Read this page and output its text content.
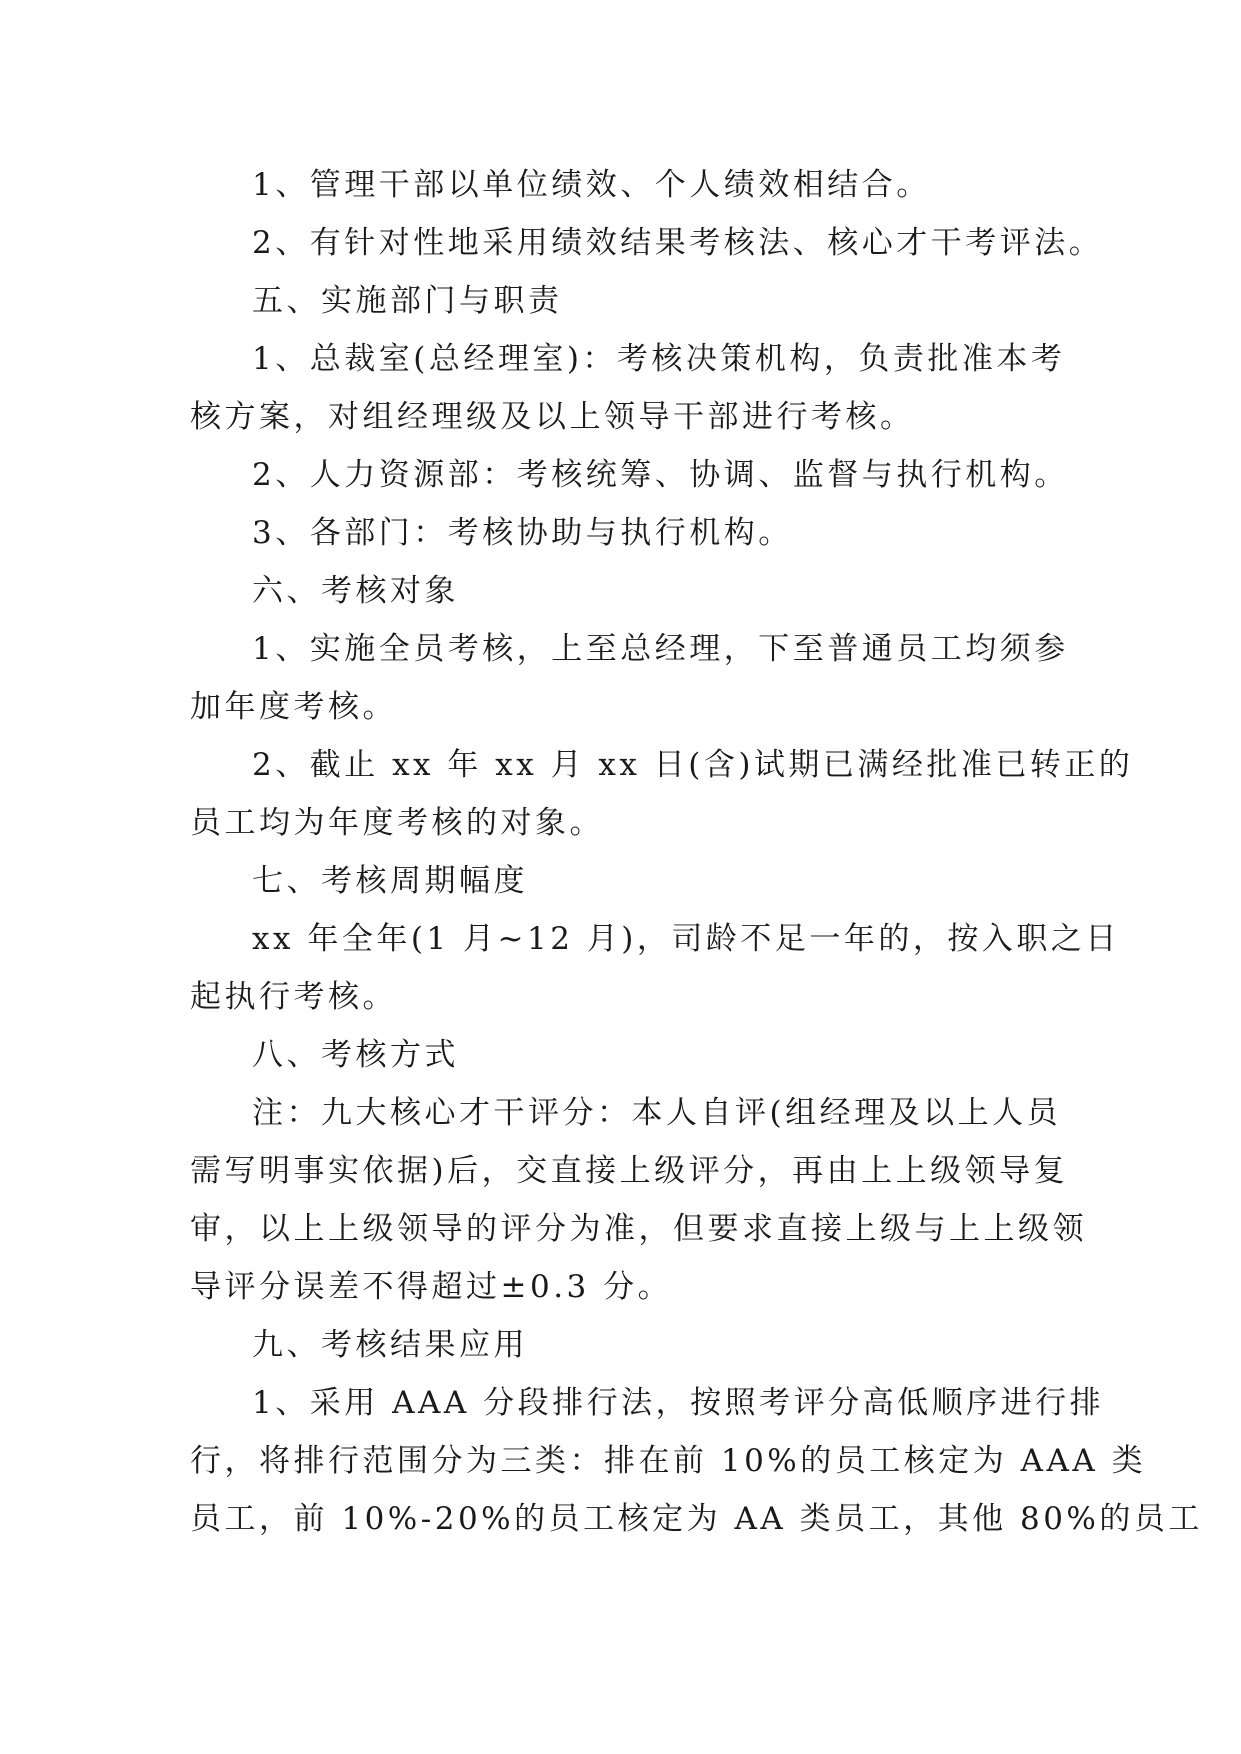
1、管理干部以单位绩效、个人绩效相结合。
2、有针对性地采用绩效结果考核法、核心才干考评法。
五、实施部门与职责
1、总裁室(总经理室)：考核决策机构，负责批准本考
核方案，对组经理级及以上领导干部进行考核。
2、人力资源部：考核统筹、协调、监督与执行机构。
3、各部门：考核协助与执行机构。
六、考核对象
1、实施全员考核，上至总经理，下至普通员工均须参
加年度考核。
2、截止 xx 年 xx 月 xx 日(含)试期已满经批准已转正的
员工均为年度考核的对象。
七、考核周期幅度
xx 年全年(1 月~12 月)，司龄不足一年的，按入职之日
起执行考核。
八、考核方式
注：九大核心才干评分：本人自评(组经理及以上人员
需写明事实依据)后，交直接上级评分，再由上上级领导复
审，以上上级领导的评分为准，但要求直接上级与上上级领
导评分误差不得超过±0.3 分。
九、考核结果应用
1、采用 AAA 分段排行法，按照考评分高低顺序进行排
行，将排行范围分为三类：排在前 10%的员工核定为 AAA 类
员工，前 10%-20%的员工核定为 AA 类员工，其他 80%的员工
